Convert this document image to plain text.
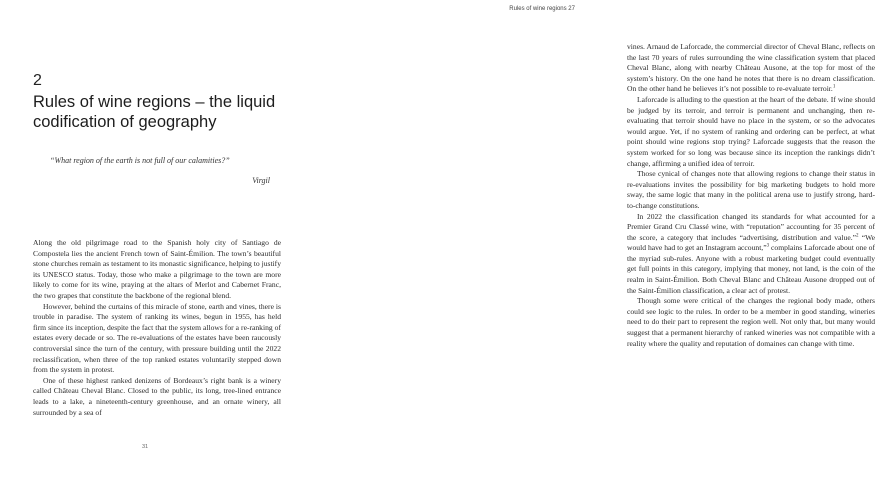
2
Rules of wine regions – the liquid codification of geography
“What region of the earth is not full of our calamities?”
Virgil

Along the old pilgrimage road to the Spanish holy city of Santiago de Compostela lies the ancient French town of Saint-Émilion. The town’s beautiful stone churches remain as testament to its monastic significance, helping to justify its UNESCO status. Today, those who make a pilgrimage to the town are more likely to come for its wine, praying at the altars of Merlot and Cabernet Franc, the two grapes that constitute the backbone of the regional blend.

However, behind the curtains of this miracle of stone, earth and vines, there is trouble in paradise. The system of ranking its wines, begun in 1955, has held firm since its inception, despite the fact that the system allows for a re-ranking of estates every decade or so. The re-evaluations of the estates have been raucously controversial since the turn of the century, with pressure building until the 2022 reclassification, when three of the top ranked estates voluntarily stepped down from the system in protest.

One of these highest ranked denizens of Bordeaux’s right bank is a winery called Château Cheval Blanc. Closed to the public, its long, tree-lined entrance leads to a lake, a nineteenth-century greenhouse, and an ornate winery, all surrounded by a sea of

31
Rules of wine regions 27

vines. Arnaud de Laforcade, the commercial director of Cheval Blanc, reflects on the last 70 years of rules surrounding the wine classification system that placed Cheval Blanc, along with nearby Château Ausone, at the top for most of the system’s history. On the one hand he notes that there is no dream classification. On the other hand he believes it’s not possible to re-evaluate terroir.$^1$

Laforcade is alluding to the question at the heart of the debate. If wine should be judged by its terroir, and terroir is permanent and unchanging, then re-evaluating that terroir should have no place in the system, or so the advocates would argue. Yet, if no system of ranking and ordering can be perfect, at what point should wine regions stop trying? Laforcade suggests that the reason the system worked for so long was because since its inception the rankings didn’t change, affirming a unified idea of terroir.

Those cynical of changes note that allowing regions to change their status in re-evaluations invites the possibility for big marketing budgets to hold more sway, the same logic that many in the political arena use to justify strong, hard-to-change constitutions.

In 2022 the classification changed its standards for what accounted for a Premier Grand Cru Classé wine, with “reputation” accounting for 35 percent of the score, a category that includes “advertising, distribution and value.”$^2$ “We would have had to get an Instagram account,”$^3$ complains Laforcade about one of the myriad sub-rules. Anyone with a robust marketing budget could eventually get full points in this category, implying that money, not land, is the coin of the realm in Saint-Émilion. Both Cheval Blanc and Château Ausone dropped out of the Saint-Émilion classification, a clear act of protest.

Though some were critical of the changes the regional body made, others could see logic to the rules. In order to be a member in good standing, wineries need to do their part to represent the region well. Not only that, but many would suggest that a permanent hierarchy of ranked wineries was not compatible with a reality where the quality and reputation of domaines can change with time.
